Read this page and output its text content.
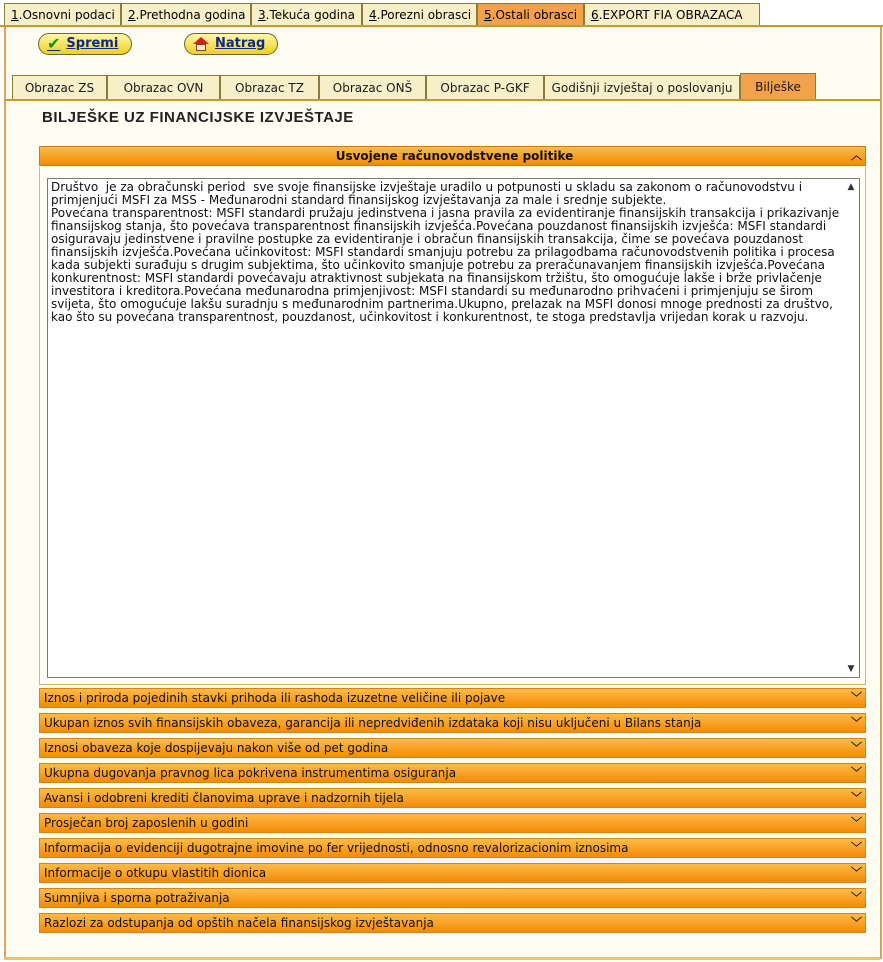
1.Osnovni podaci	2.Prethodna godina	3.Tekuća godina	4.Porezni obrasci	5.Ostali obrasci	6.EXPORT FIA OBRAZACA
✔ Spremi	Natrag
Obrazac ZS	Obrazac OVN	Obrazac TZ	Obrazac ONŠ	Obrazac P-GKF	Godišnji izvještaj o poslovanju	Bilješke
BILJEŠKE UZ FINANCIJSKE IZVJEŠTAJE
Usvojene računovodstvene politike	︿
Društvo  je za obračunski period  sve svoje finansijske izvještaje uradilo u potpunosti u skladu sa zakonom o računovodstvu i
primjenjući MSFI za MSS - Međunarodni standard finansijskog izvještavanja za male i srednje subjekte.
Povećana transparentnost: MSFI standardi pružaju jedinstvena i jasna pravila za evidentiranje finansijskih transakcija i prikazivanje
finansijskog stanja, što povećava transparentnost finansijskih izvješća.Povećana pouzdanost finansijskih izvješća: MSFI standardi
osiguravaju jedinstvene i pravilne postupke za evidentiranje i obračun finansijskih transakcija, čime se povećava pouzdanost
finansijskih izvješća.Povećana učinkovitost: MSFI standardi smanjuju potrebu za prilagodbama računovodstvenih politika i procesa
kada subjekti surađuju s drugim subjektima, što učinkovito smanjuje potrebu za preračunavanjem finansijskih izvješća.Povećana
konkurentnost: MSFI standardi povećavaju atraktivnost subjekata na finansijskom tržištu, što omogućuje lakše i brže privlačenje
investitora i kreditora.Povećana međunarodna primjenjivost: MSFI standardi su međunarodno prihvaćeni i primjenjuju se širom
svijeta, što omogućuje lakšu suradnju s međunarodnim partnerima.Ukupno, prelazak na MSFI donosi mnoge prednosti za društvo,
kao što su povećana transparentnost, pouzdanost, učinkovitost i konkurentnost, te stoga predstavlja vrijedan korak u razvoju.
▲
▼
Iznos i priroda pojedinih stavki prihoda ili rashoda izuzetne veličine ili pojave	﹀
Ukupan iznos svih finansijskih obaveza, garancija ili nepredviđenih izdataka koji nisu uključeni u Bilans stanja	﹀
Iznosi obaveza koje dospijevaju nakon više od pet godina	﹀
Ukupna dugovanja pravnog lica pokrivena instrumentima osiguranja	﹀
Avansi i odobreni krediti članovima uprave i nadzornih tijela	﹀
Prosječan broj zaposlenih u godini	﹀
Informacija o evidenciji dugotrajne imovine po fer vrijednosti, odnosno revalorizacionim iznosima	﹀
Informacije o otkupu vlastitih dionica	﹀
Sumnjiva i sporna potraživanja	﹀
Razlozi za odstupanja od opštih načela finansijskog izvještavanja	﹀
